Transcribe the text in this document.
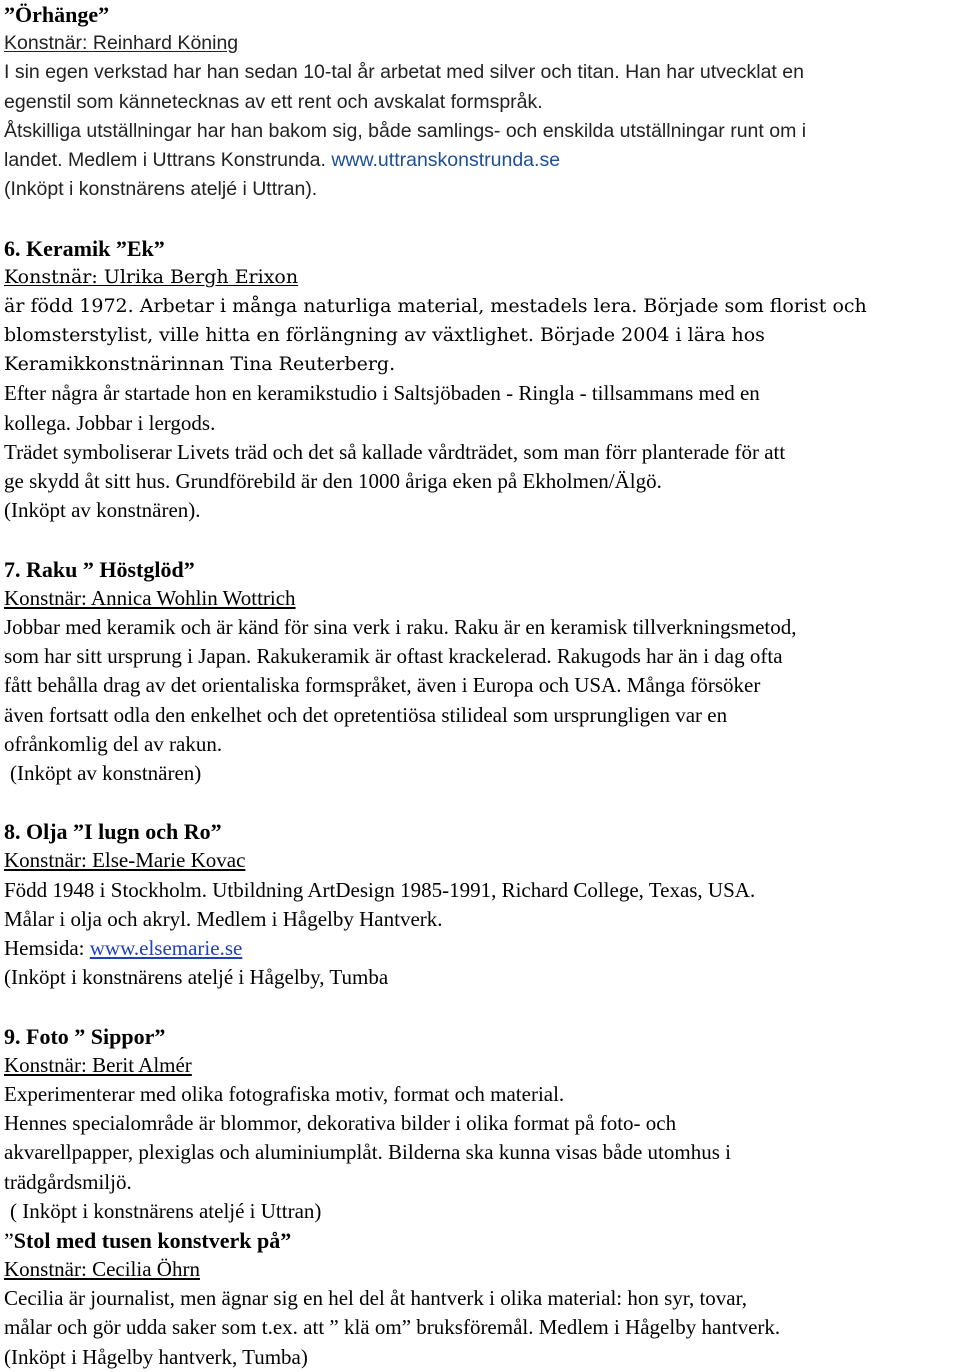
”Örhänge”
Konstnär: Reinhard Köning
I sin egen verkstad har han sedan 10-tal år arbetat med silver och titan. Han har utvecklat en
egenstil som kännetecknas av ett rent och avskalat formspråk.
Åtskilliga utställningar har han bakom sig, både samlings- och enskilda utställningar runt om i
landet. Medlem i Uttrans Konstrunda. www.uttranskonstrunda.se
(Inköpt i konstnärens ateljé i Uttran).
6. Keramik ”Ek”
Konstnär: Ulrika Bergh Erixon
är född 1972. Arbetar i många naturliga material, mestadels lera. Började som florist och
blomsterstylist, ville hitta en förlängning av växtlighet. Började 2004 i lära hos
Keramikkonstnärinnan Tina Reuterberg.
Efter några år startade hon en keramikstudio i Saltsjöbaden - Ringla - tillsammans med en
kollega. Jobbar i lergods.
Trädet symboliserar Livets träd och det så kallade vårdträdet, som man förr planterade för att
ge skydd åt sitt hus. Grundförebild är den 1000 åriga eken på Ekholmen/Älgö.
(Inköpt av konstnären).
7. Raku ” Höstglöd”
Konstnär: Annica Wohlin Wottrich
Jobbar med keramik och är känd för sina verk i raku. Raku är en keramisk tillverkningsmetod,
som har sitt ursprung i Japan. Rakukeramik är oftast krackelerad. Rakugods har än i dag ofta
fått behålla drag av det orientaliska formspråket, även i Europa och USA. Många försöker
även fortsatt odla den enkelhet och det opretentiösa stilideal som ursprungligen var en
ofrånkomlig del av rakun.
(Inköpt av konstnären)
8. Olja ”I lugn och Ro”
Konstnär: Else-Marie Kovac
Född 1948 i Stockholm. Utbildning ArtDesign 1985-1991, Richard College, Texas, USA.
Målar i olja och akryl. Medlem i Hågelby Hantverk.
Hemsida: www.elsemarie.se
(Inköpt i konstnärens ateljé i Hågelby, Tumba
9. Foto ” Sippor”
Konstnär: Berit Almér
Experimenterar med olika fotografiska motiv, format och material.
Hennes specialområde är blommor, dekorativa bilder i olika format på foto- och
akvarellpapper, plexiglas och aluminiumplåt. Bilderna ska kunna visas både utomhus i
trädgårdsmiljö.
( Inköpt i konstnärens ateljé i Uttran)
”Stol med tusen konstverk på”
Konstnär: Cecilia Öhrn
Cecilia är journalist, men ägnar sig en hel del åt hantverk i olika material: hon syr, tovar,
målar och gör udda saker som t.ex. att ” klä om” bruksföremål. Medlem i Hågelby hantverk.
(Inköpt i Hågelby hantverk, Tumba)
